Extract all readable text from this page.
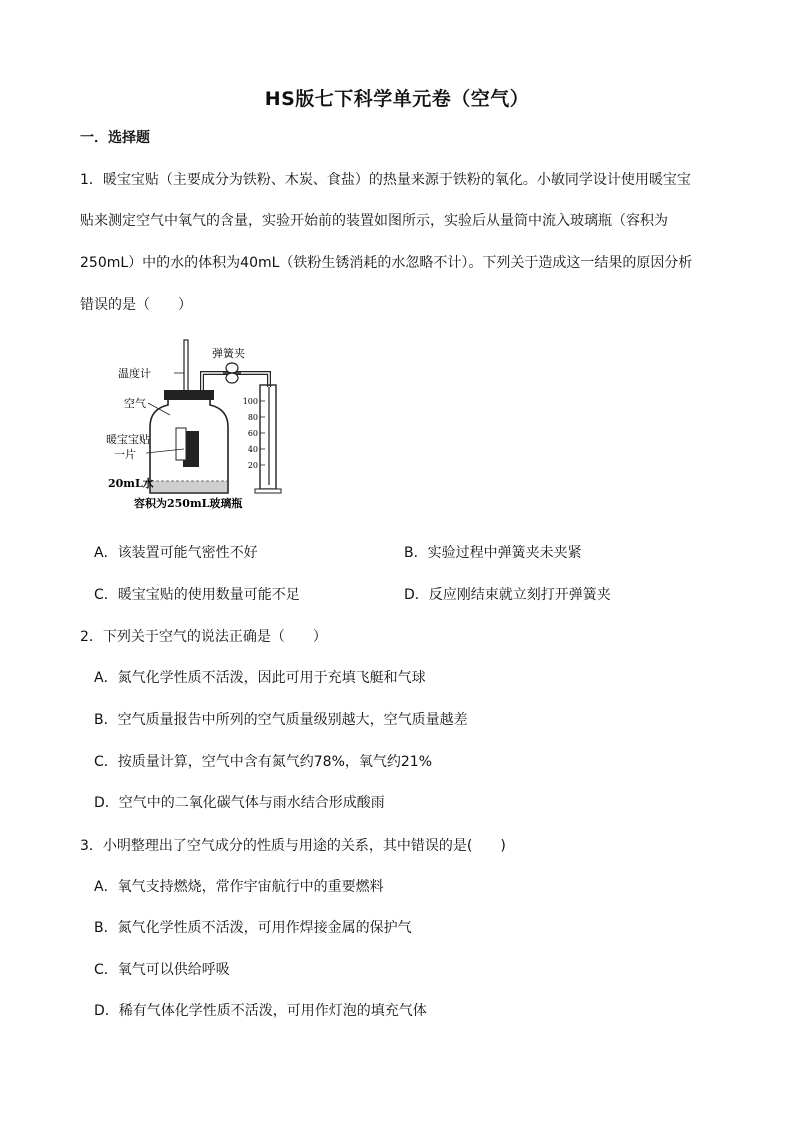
HS版七下科学单元卷（空气）
一．选择题
1．暖宝宝贴（主要成分为铁粉、木炭、食盐）的热量来源于铁粉的氧化。小敏同学设计使用暖宝宝
贴来测定空气中氧气的含量，实验开始前的装置如图所示，实验后从量筒中流入玻璃瓶（容积为
250mL）中的水的体积为40mL（铁粉生锈消耗的水忽略不计）。下列关于造成这一结果的原因分析
错误的是（　　）
100
80
60
40
20
温度计
弹簧夹
空气
暖宝宝贴
一片
20mL水
容积为250mL玻璃瓶
A．该装置可能气密性不好	B．实验过程中弹簧夹未夹紧
C．暖宝宝贴的使用数量可能不足	D．反应刚结束就立刻打开弹簧夹
2．下列关于空气的说法正确是（　　）
A．氮气化学性质不活泼，因此可用于充填飞艇和气球
B．空气质量报告中所列的空气质量级别越大，空气质量越差
C．按质量计算，空气中含有氮气约78%，氧气约21%
D．空气中的二氧化碳气体与雨水结合形成酸雨
3．小明整理出了空气成分的性质与用途的关系，其中错误的是(　　)
A．氧气支持燃烧，常作宇宙航行中的重要燃料
B．氮气化学性质不活泼，可用作焊接金属的保护气
C．氧气可以供给呼吸
D．稀有气体化学性质不活泼，可用作灯泡的填充气体
